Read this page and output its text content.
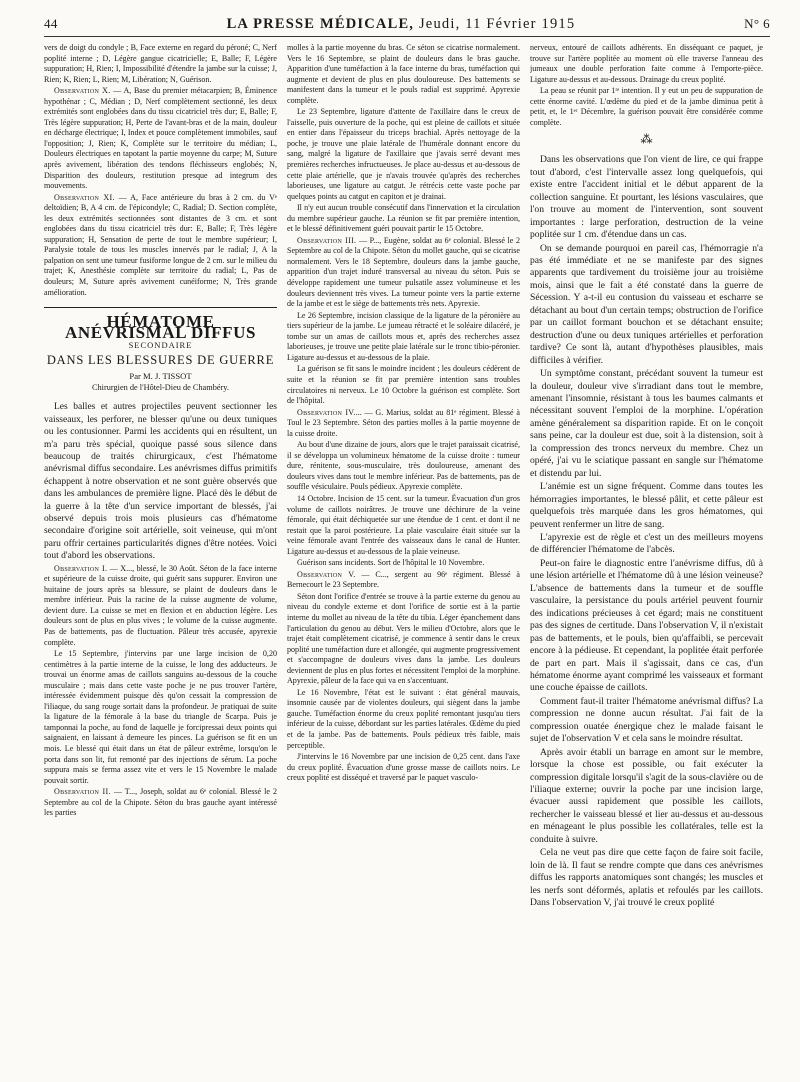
44	LA PRESSE MÉDICALE, Jeudi, 11 Février 1915	N° 6

vers de doigt du condyle ; B, Face externe en regard du péroné; C, Nerf poplité interne ; D, Légère gangue cicatricielle; E, Balle; F, Légère suppuration; H, Rien; I, Impossibilité d'étendre la jambe sur la cuisse; J, Rien; K, Rien; L, Rien; M, Libération; N, Guérison.

Observation X. — A, Base du premier métacarpien; B, Éminence hypothénar ; C, Médian ; D, Nerf complètement sectionné, les deux extrémités sont englobées dans du tissu cicatriciel très dur; E, Balle; F, Très légère suppuration; H, Perte de l'avant-bras et de la main, douleur en décharge électrique; I, Index et pouce complètement immobiles, sauf l'opposition; J, Rien; K, Complète sur le territoire du médian; L, Douleurs électriques en tapotant la partie moyenne du carpe; M, Suture après avivement, libération des tendons fléchisseurs englobés; N, Disparition des douleurs, restitution presque ad integrum des mouvements.

Observation XI. — A, Face antérieure du bras à 2 cm. du Vᵉ deltoïdien; B, A 4 cm. de l'épicondyle; C, Radial; D. Section complète, les deux extrémités sectionnées sont distantes de 3 cm. et sont englobées dans du tissu cicatriciel très dur: E, Balle; F, Très légère suppuration; H, Sensation de perte de tout le membre supérieur; I, Paralysie totale de tous les muscles innervés par le radial; J, A la palpation on sent une tumeur fusiforme longue de 2 cm. sur le milieu du trajet; K, Anesthésie complète sur territoire du radial; L, Pas de douleurs; M, Suture après avivement cunéiforme; N, Très grande amélioration.

HÉMATOME ANÉVRISMAL DIFFUS
SECONDAIRE
DANS LES BLESSURES DE GUERRE
Par M. J. TISSOT
Chirurgien de l'Hôtel-Dieu de Chambéry.

Les balles et autres projectiles peuvent sectionner les vaisseaux, les perforer, ne blesser qu'une ou deux tuniques ou les contusionner. Parmi les accidents qui en résultent, un m'a paru très spécial, quoique passé sous silence dans beaucoup de traités chirurgicaux, c'est l'hématome anévrismal diffus secondaire. Les anévrismes diffus primitifs échappent à notre observation et ne sont guère observés que dans les ambulances de première ligne. Placé dès le début de la guerre à la tête d'un service important de blessés, j'ai observé depuis trois mois plusieurs cas d'hématome secondaire d'origine soit artérielle, soit veineuse, qui m'ont paru offrir certaines particularités dignes d'être notées. Voici tout d'abord les observations.

Observation I. — X..., blessé, le 30 Août. Séton de la face interne et supérieure de la cuisse droite, qui guérit sans suppurer. Environ une huitaine de jours après sa blessure, se plaint de douleurs dans le membre inférieur. Puis la racine de la cuisse augmente de volume, devient dure. La cuisse se met en flexion et en abduction légère. Les douleurs sont de plus en plus vives ; le volume de la cuisse augmente. Pas de battements, pas de fluctuation. Pâleur très accusée, apyrexie complète.

Le 15 Septembre, j'intervins par une large incision de 0,20 centimètres à la partie interne de la cuisse, le long des adducteurs. Je trouvai un énorme amas de caillots sanguins au-dessous de la couche musculaire ; mais dans cette vaste poche je ne pus trouver l'artère, intéressée évidemment puisque dès qu'on cessait la compression de l'iliaque, du sang rouge sortait dans la profondeur. Je pratiquai de suite la ligature de la fémorale à la base du triangle de Scarpa. Puis je tamponnai la poche, au fond de laquelle je forcipressai deux points qui saignaient, en laissant à demeure les pinces. La guérison se fit en un mois. Le blessé qui était dans un état de pâleur extrême, lorsqu'on le porta dans son lit, fut remonté par des injections de sérum. La poche suppura mais se ferma assez vite et vers le 15 Novembre le malade pouvait sortir.

Observation II. — T..., Joseph, soldat au 6ᵉ colonial. Blessé le 2 Septembre au col de la Chipote. Séton du bras gauche ayant intéressé les parties

molles à la partie moyenne du bras. Ce séton se cicatrise normalement. Vers le 16 Septembre, se plaint de douleurs dans le bras gauche. Apparition d'une tuméfaction à la face interne du bras, tuméfaction qui augmente et devient de plus en plus douloureuse. Des battements se manifestent dans la tumeur et le pouls radial est supprimé. Apyrexie complète.

Le 23 Septembre, ligature d'attente de l'axillaire dans le creux de l'aisselle, puis ouverture de la poche, qui est pleine de caillots et située en entier dans l'épaisseur du triceps brachial. Après nettoyage de la poche, je trouve une plaie latérale de l'humérale donnant encore du sang, malgré la ligature de l'axillaire que j'avais serré devant mes premières recherches infructueuses. Je place au-dessus et au-dessous de cette plaie artérielle, que je n'avais trouvée qu'après des recherches laborieuses, une ligature au catgut. Je rétrécis cette vaste poche par quelques points au catgut en capiton et je drainai.

Il n'y eut aucun trouble consécutif dans l'innervation et la circulation du membre supérieur gauche. La réunion se fit par première intention, et le blessé définitivement guéri pouvait partir le 15 Octobre.

Observation III. — P..., Eugène, soldat au 6ᵉ colonial. Blessé le 2 Septembre au col de la Chipote. Séton du mollet gauche, qui se cicatrise normalement. Vers le 18 Septembre, douleurs dans la jambe gauche, apparition d'un trajet induré transversal au niveau du séton. Puis se développe rapidement une tumeur pulsatile assez volumineuse et les douleurs deviennent très vives. La tumeur pointe vers la partie externe de la jambe et est le siège de battements très nets. Apyrexie.

Le 26 Septembre, incision classique de la ligature de la péronière au tiers supérieur de la jambe. Le jumeau rétracté et le soléaire dilacéré, je tombe sur un amas de caillots mous et, après des recherches assez laborieuses, je trouve une petite plaie latérale sur le tronc tibio-péronier. Ligature au-dessus et au-dessous de la plaie.

La guérison se fit sans le moindre incident ; les douleurs cédèrent de suite et la réunion se fit par première intention sans troubles circulatoires ni nerveux. Le 10 Octobre la guérison est complète. Sort de l'hôpital.

Observation IV.... — G. Marius, soldat au 81ᵉ régiment. Blessé à Toul le 23 Septembre. Séton des parties molles à la partie moyenne de la cuisse droite.

Au bout d'une dizaine de jours, alors que le trajet paraissait cicatrisé, il se développa un volumineux hématome de la cuisse droite : tumeur dure, rénitente, sous-musculaire, très douloureuse, amenant des douleurs vives dans tout le membre inférieur. Pas de battements, pas de souffle vésiculaire. Pouls pédieux. Apyrexie complète.

14 Octobre. Incision de 15 cent. sur la tumeur. Évacuation d'un gros volume de caillots noirâtres. Je trouve une déchirure de la veine fémorale, qui était déchiquetée sur une étendue de 1 cent. et dont il ne restait que la paroi postérieure. La plaie vasculaire était située sur la veine fémorale avant l'entrée des vaisseaux dans le canal de Hunter. Ligature au-dessus et au-dessous de la plaie veineuse.

Guérison sans incidents. Sort de l'hôpital le 10 Novembre.

Observation V. — C..., sergent au 96ᵉ régiment. Blessé à Bernecourt le 23 Septembre.

Séton dont l'orifice d'entrée se trouve à la partie externe du genou au niveau du condyle externe et dont l'orifice de sortie est à la partie interne du mollet au niveau de la tête du tibia. Léger épanchement dans l'articulation du genou au début. Vers le milieu d'Octobre, alors que le trajet était complètement cicatrisé, je commence à sentir dans le creux poplité une tuméfaction dure et allongée, qui augmente progressivement et s'accompagne de douleurs vives dans la jambe. Les douleurs deviennent de plus en plus fortes et nécessitent l'emploi de la morphine. Apyrexie, pâleur de la face qui va en s'accentuant.

Le 16 Novembre, l'état est le suivant : état général mauvais, insomnie causée par de violentes douleurs, qui siègent dans la jambe gauche. Tuméfaction énorme du creux poplité remontant jusqu'au tiers inférieur de la cuisse, débordant sur les parties latérales. Œdème du pied et de la jambe. Pas de battements. Pouls pédieux très faible, mais perceptible.

J'intervins le 16 Novembre par une incision de 0,25 cent. dans l'axe du creux poplité. Évacuation d'une grosse masse de caillots noirs. Le creux poplité est disséqué et traversé par le paquet vasculo-

nerveux, entouré de caillots adhérents. En disséquant ce paquet, je trouve sur l'artère poplitée au moment où elle traverse l'anneau des jumeaux une double perforation faite comme à l'emporte-pièce. Ligature au-dessus et au-dessous. Drainage du creux poplité.

La peau se réunit par 1ʳᵉ intention. Il y eut un peu de suppuration de cette énorme cavité. L'œdème du pied et de la jambe diminua petit à petit, et, le 1ᵉʳ Décembre, la guérison pouvait être considérée comme complète.

⁂

Dans les observations que l'on vient de lire, ce qui frappe tout d'abord, c'est l'intervalle assez long quelquefois, qui existe entre l'accident initial et le début apparent de la collection sanguine. Et pourtant, les lésions vasculaires, que l'on trouve au moment de l'intervention, sont souvent importantes : large perforation, destruction de la veine poplitée sur 1 cm. d'étendue dans un cas.

On se demande pourquoi en pareil cas, l'hémorragie n'a pas été immédiate et ne se manifeste par des signes apparents que tardivement du troisième jour au troisième mois, ainsi que le fait a été constaté dans la guerre de Sécession. Y a-t-il eu contusion du vaisseau et escharre se détachant au bout d'un certain temps; obstruction de l'orifice par un caillot formant bouchon et se détachant ensuite; destruction d'une ou deux tuniques artérielles et perforation tardive? Ce sont là, autant d'hypothèses plausibles, mais difficiles à vérifier.

Un symptôme constant, précédant souvent la tumeur est la douleur, douleur vive s'irradiant dans tout le membre, amenant l'insomnie, résistant à tous les baumes calmants et nécessitant souvent l'emploi de la morphine. L'opération amène généralement sa disparition rapide. Et on le conçoit sans peine, car la douleur est due, soit à la distension, soit à la compression des troncs nerveux du membre. Chez un opéré, j'ai vu le sciatique passant en sangle sur l'hématome et distendu par lui.

L'anémie est un signe fréquent. Comme dans toutes les hémorragies importantes, le blessé pâlit, et cette pâleur est quelquefois très marquée dans les gros hématomes, qui peuvent renfermer un litre de sang.

L'apyrexie est de règle et c'est un des meilleurs moyens de différencier l'hématome de l'abcès.

Peut-on faire le diagnostic entre l'anévrisme diffus, dû à une lésion artérielle et l'hématome dû à une lésion veineuse? L'absence de battements dans la tumeur et de souffle vasculaire, la persistance du pouls artériel peuvent fournir des indications précieuses à cet égard; mais ne constituent pas des signes de certitude. Dans l'observation V, il n'existait pas de battements, et le pouls, bien qu'affaibli, se percevait encore à la pédieuse. Et cependant, la poplitée était perforée de part en part. Mais il s'agissait, dans ce cas, d'un hématome énorme ayant comprimé les vaisseaux et formant une couche épaisse de caillots.

Comment faut-il traiter l'hématome anévrismal diffus? La compression ne donne aucun résultat. J'ai fait de la compression ouatée énergique chez le malade faisant le sujet de l'observation V et cela sans le moindre résultat.

Après avoir établi un barrage en amont sur le membre, lorsque la chose est possible, ou fait exécuter la compression digitale lorsqu'il s'agit de la sous-clavière ou de l'iliaque externe; ouvrir la poche par une incision large, évacuer aussi rapidement que possible les caillots, rechercher le vaisseau blessé et lier au-dessus et au-dessous en ménageant le plus possible les collatérales, telle est la conduite à suivre.

Cela ne veut pas dire que cette façon de faire soit facile, loin de là. Il faut se rendre compte que dans ces anévrismes diffus les rapports anatomiques sont changés; les muscles et les nerfs sont déformés, aplatis et refoulés par les caillots. Dans l'observation V, j'ai trouvé le creux poplité
